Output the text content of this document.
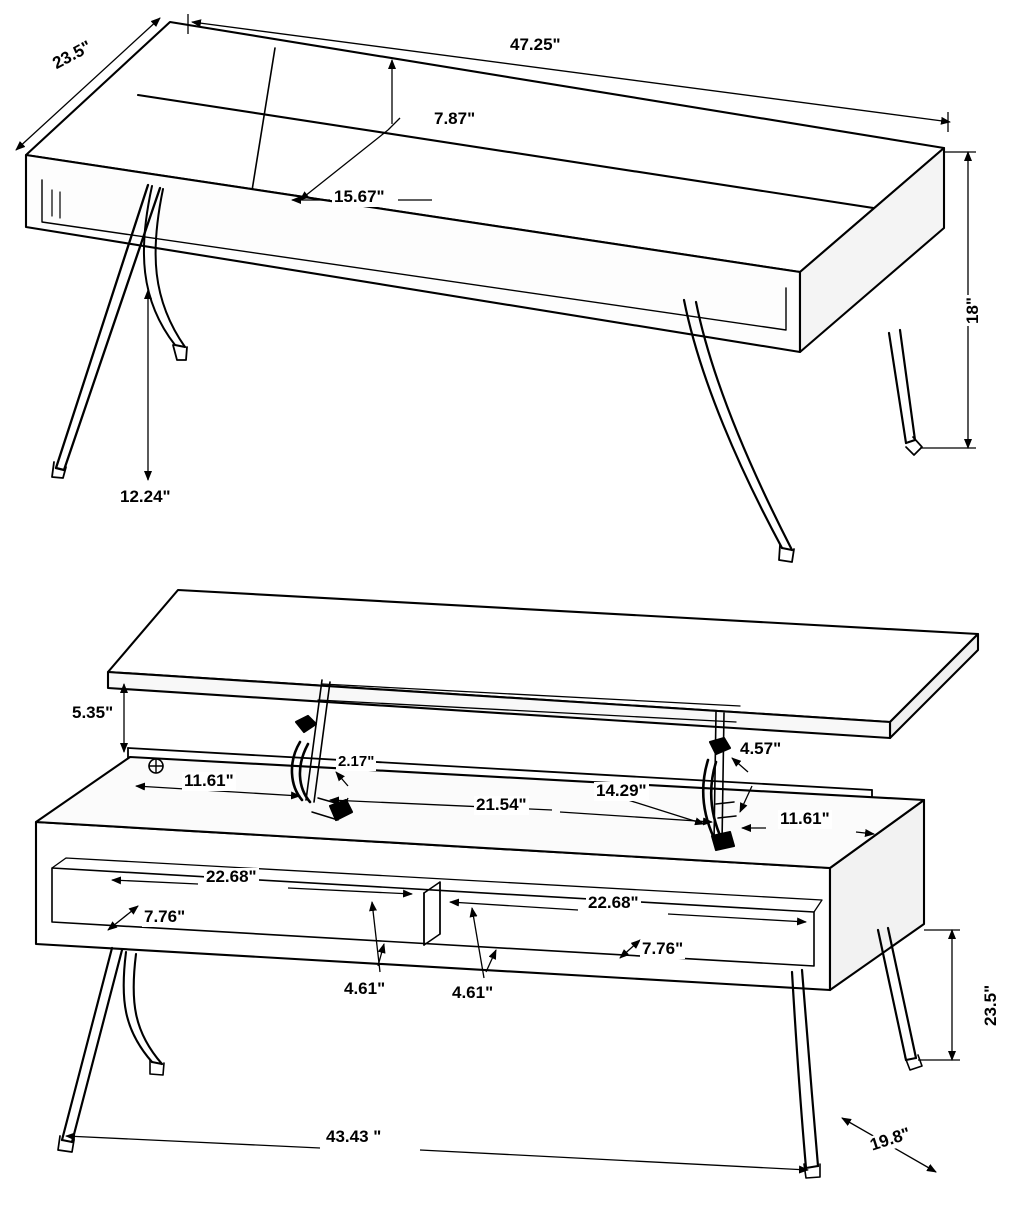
23.5"	47.25"
7.87"
15.67"
18"
12.24"
5.35"
11.61"
2.17"
21.54"
14.29"
4.57"
11.61"
22.68"
22.68"
7.76"
7.76"
4.61"	4.61"	23.5"
43.43 "	19.8"
